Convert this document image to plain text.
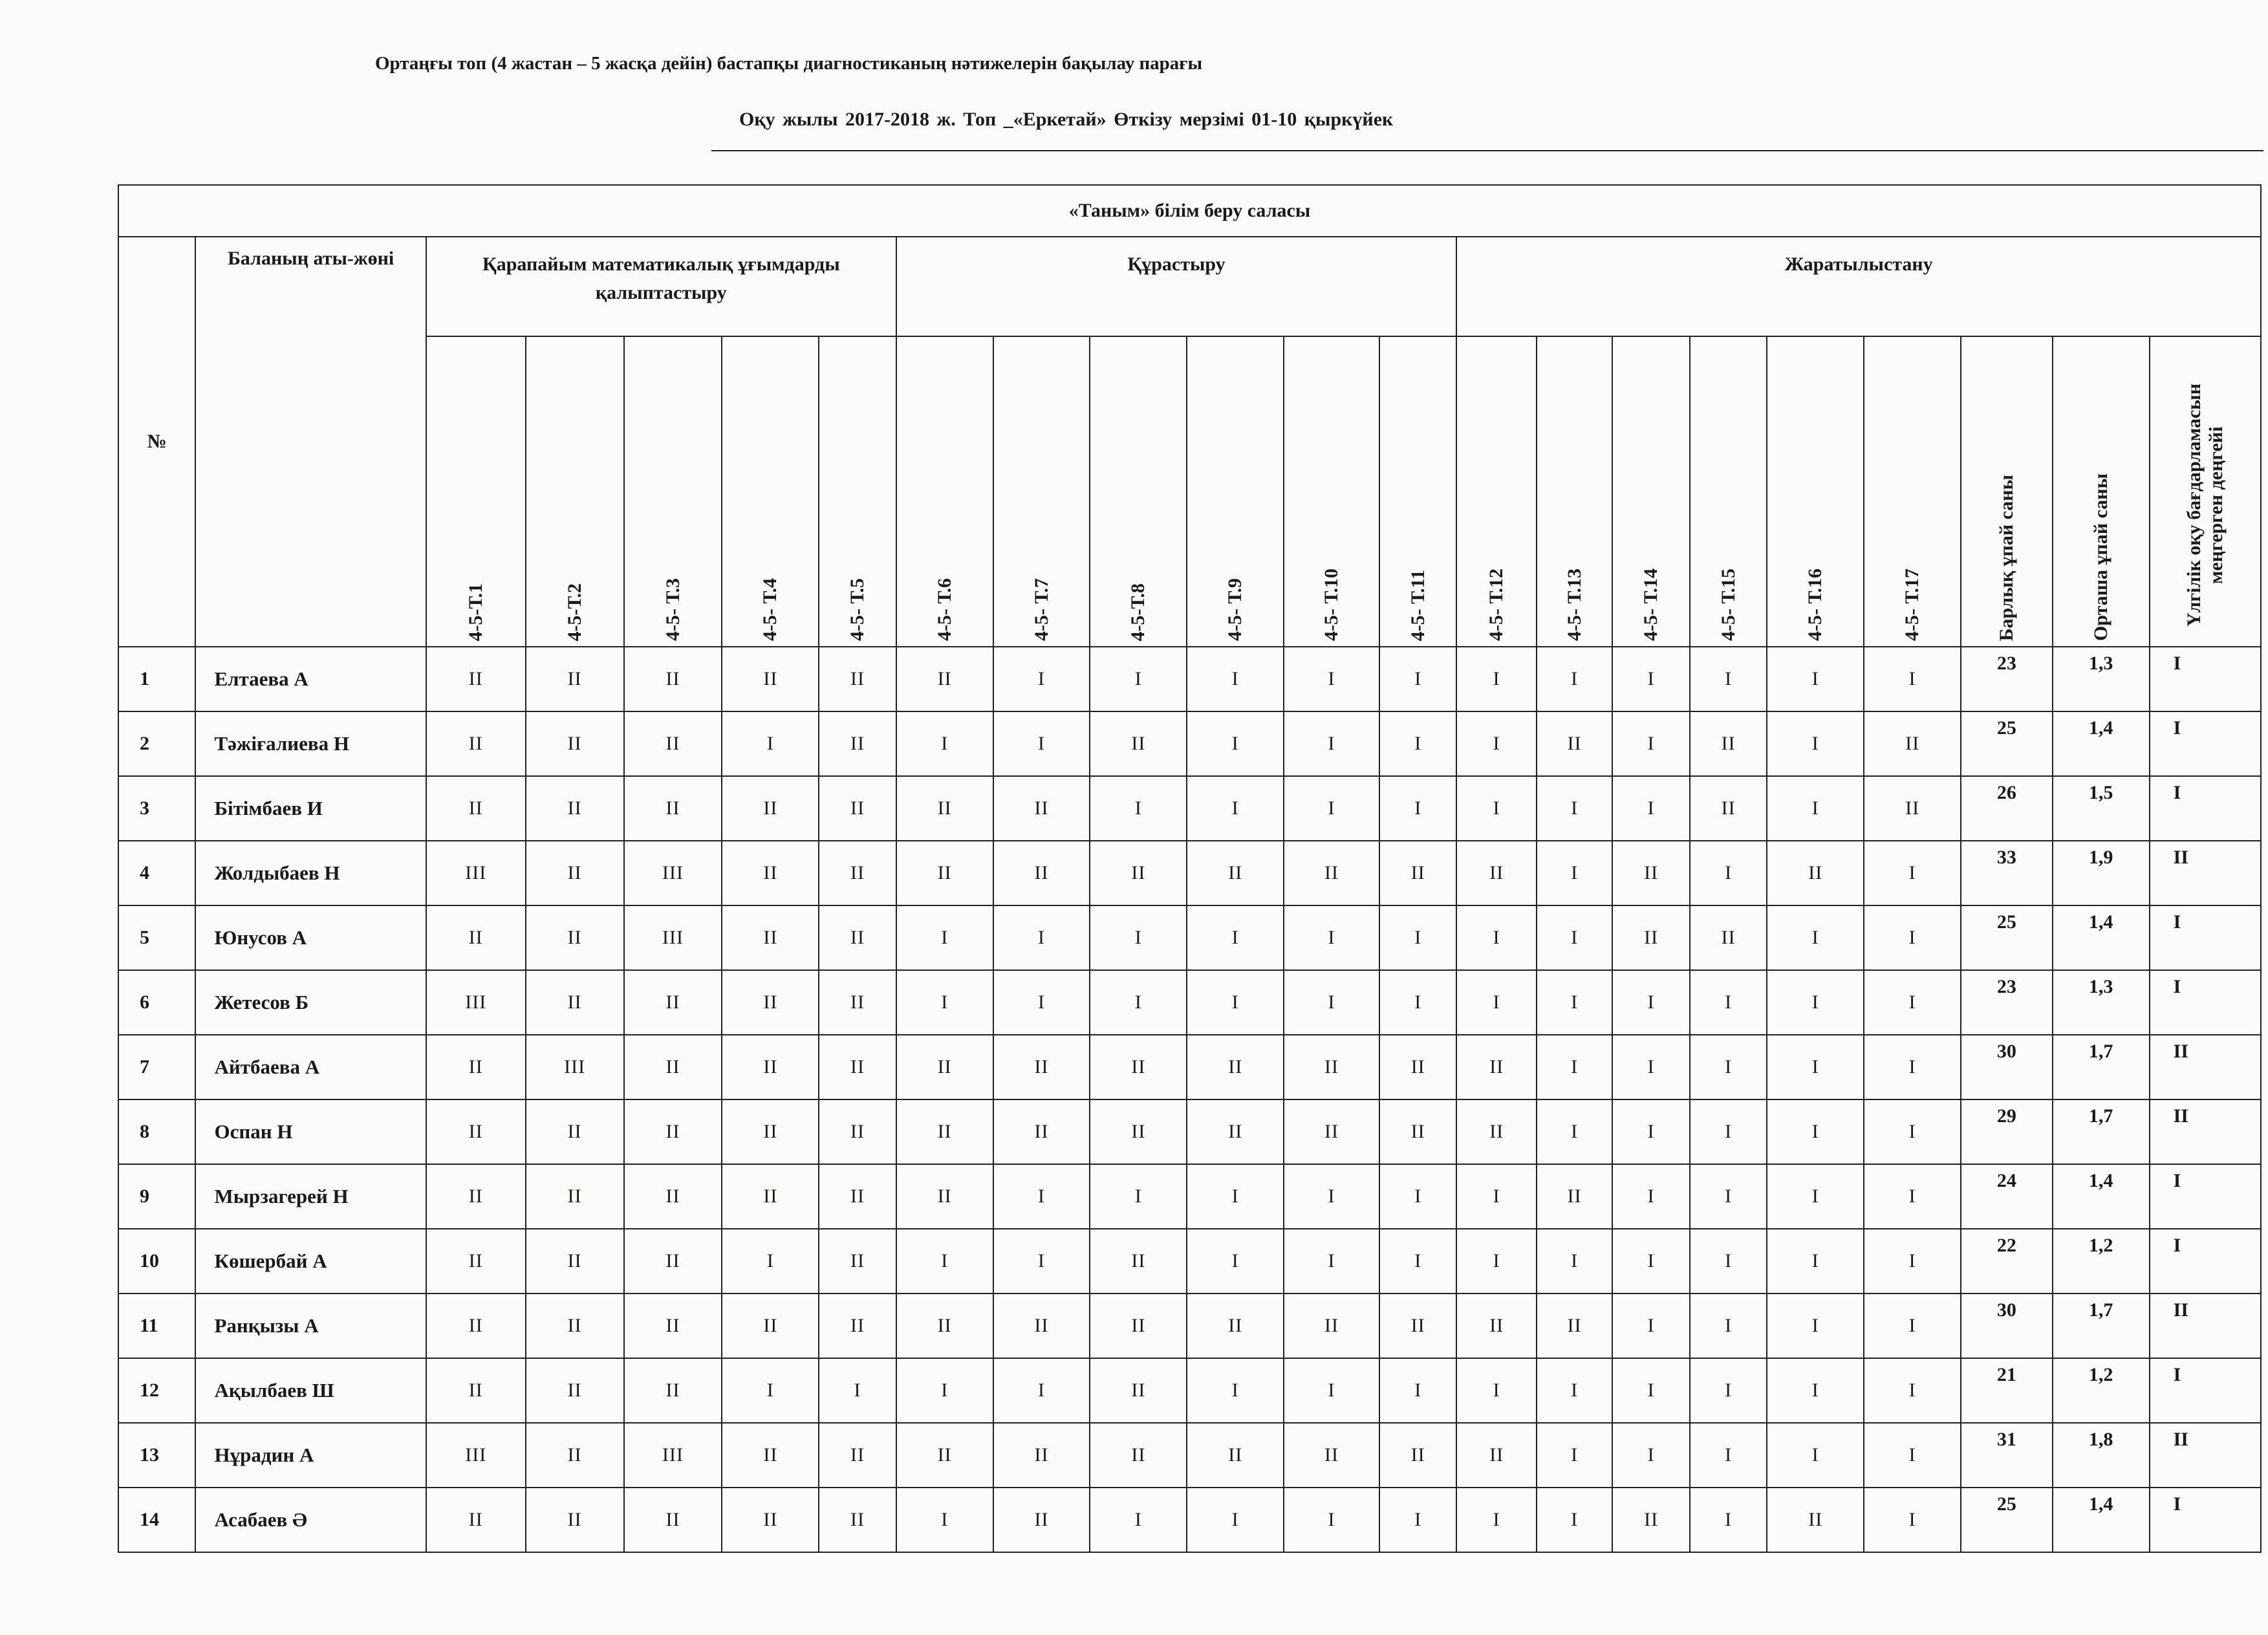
Ортаңғы топ (4 жастан – 5 жасқа дейін) бастапқы диагностиканың нәтижелерін бақылау парағы
Оқу жылы 2017-2018 ж. Топ _«Еркетай» Өткізу мерзімі 01-10 қыркүйек
«Таным» білім беру саласы																					
№	Баланың аты-жөні	Қарапайым математикалық ұғымдарды қалыптастыру					Құрастыру						Жаратылыстану								
		4-5-Т.1	4-5-Т.2	4-5- Т.3	4-5- Т.4	4-5- Т.5	4-5- Т.6	4-5- Т.7	4-5-Т.8	4-5- Т.9	4-5- Т.10	4-5- Т.11	4-5- Т.12	4-5- Т.13	4-5- Т.14	4-5- Т.15	4-5- Т.16	4-5- Т.17	Барлық ұпай саны	Орташа ұпай саны	Үлгілік оқу бағдарламасын меңгерген деңгейі
1	Елтаева А	II	II	II	II	II	II	I	I	I	I	I	I	I	I	I	I	I	23	1,3	I
2	Тәжіғалиева Н	II	II	II	I	II	I	I	II	I	I	I	I	II	I	II	I	II	25	1,4	I
3	Бітімбаев И	II	II	II	II	II	II	II	I	I	I	I	I	I	I	II	I	II	26	1,5	I
4	Жолдыбаев Н	III	II	III	II	II	II	II	II	II	II	II	II	I	II	I	II	I	33	1,9	II
5	Юнусов А	II	II	III	II	II	I	I	I	I	I	I	I	I	II	II	I	I	25	1,4	I
6	Жетесов Б	III	II	II	II	II	I	I	I	I	I	I	I	I	I	I	I	I	23	1,3	I
7	Айтбаева А	II	III	II	II	II	II	II	II	II	II	II	II	I	I	I	I	I	30	1,7	II
8	Оспан Н	II	II	II	II	II	II	II	II	II	II	II	II	I	I	I	I	I	29	1,7	II
9	Мырзагерей Н	II	II	II	II	II	II	I	I	I	I	I	I	II	I	I	I	I	24	1,4	I
10	Көшербай А	II	II	II	I	II	I	I	II	I	I	I	I	I	I	I	I	I	22	1,2	I
11	Ранқызы А	II	II	II	II	II	II	II	II	II	II	II	II	II	I	I	I	I	30	1,7	II
12	Ақылбаев Ш	II	II	II	I	I	I	I	II	I	I	I	I	I	I	I	I	I	21	1,2	I
13	Нұрадин А	III	II	III	II	II	II	II	II	II	II	II	II	I	I	I	I	I	31	1,8	II
14	Асабаев Ә	II	II	II	II	II	I	II	I	I	I	I	I	I	II	I	II	I	25	1,4	I
